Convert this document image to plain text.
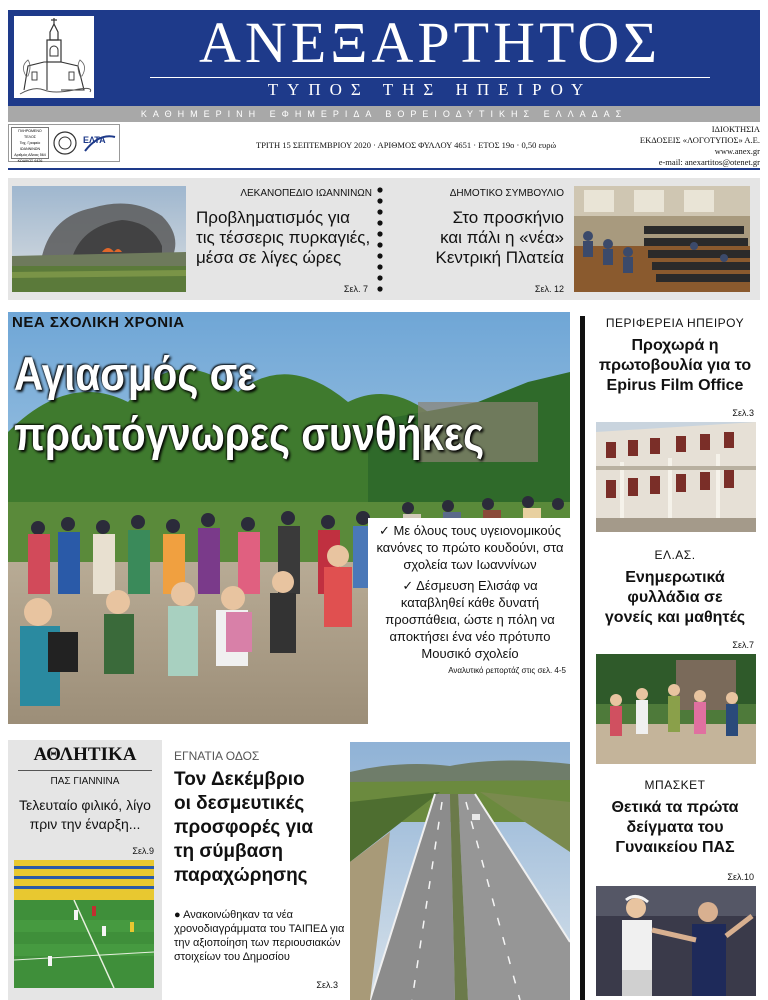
ΑΝΕΞΑΡΤΗΤΟΣ
ΤΥΠΟΣ ΤΗΣ ΗΠΕΙΡΟΥ
ΚΑΘΗΜΕΡΙΝΗ ΕΦΗΜΕΡΙΔΑ ΒΟΡΕΙΟΔΥΤΙΚΗΣ ΕΛΛΑΔΑΣ
ΠΛΗΡΩΜΕΝΟ ΤΕΛΟΣ
Ταχ. Γραφείο
ΙΩΑΝΝΙΝΩΝ
Αριθμός Αδειας 564
ΚΩΔΙΚΟΣ 6426
ΕΛΤΑ	ΤΡΙΤΗ 15 ΣΕΠΤΕΜΒΡΙΟΥ 2020 · ΑΡΙΘΜΟΣ ΦΥΛΛΟΥ 4651 · ΕΤΟΣ 19ο · 0,50 ευρώ
ΙΔΙΟΚΤΗΣΙΑ
ΕΚΔΟΣΕΙΣ «ΛΟΓΟΤΥΠΟΣ» Α.Ε.
www.anex.gr
e-mail: anexartitos@otenet.gr
ΛΕΚΑΝΟΠΕΔΙΟ ΙΩΑΝΝΙΝΩΝ
Προβληματισμός για
τις τέσσερις πυρκαγιές,
μέσα σε λίγες ώρες
Σελ. 7
ΔΗΜΟΤΙΚΟ ΣΥΜΒΟΥΛΙΟ
Στο προσκήνιο
και πάλι η «νέα»
Κεντρική Πλατεία
Σελ. 12
ΝΕΑ ΣΧΟΛΙΚΗ ΧΡΟΝΙΑ
Αγιασμός σε
πρωτόγνωρες συνθήκες
✓ Με όλους τους υγειονομικούς κανόνες το πρώτο κουδούνι, στα σχολεία των Ιωαννίνων
✓ Δέσμευση Ελισάφ να καταβληθεί κάθε δυνατή προσπάθεια, ώστε η πόλη να αποκτήσει ένα νέο πρότυπο Μουσικό σχολείο
Αναλυτικό ρεπορτάζ στις σελ. 4-5
ΠΕΡΙΦΕΡΕΙΑ ΗΠΕΙΡΟΥ
Προχωρά η
πρωτοβουλία για το
Epirus Film Office
Σελ.3
ΕΛ.ΑΣ.
Ενημερωτικά
φυλλάδια σε
γονείς και μαθητές
Σελ.7
ΜΠΑΣΚΕΤ
Θετικά τα πρώτα
δείγματα του
Γυναικείου ΠΑΣ
Σελ.10
ΑΘΛΗΤΙΚΑ
ΠΑΣ ΓΙΑΝΝΙΝΑ
Τελευταίο φιλικό, λίγο
πριν την έναρξη...
Σελ.9
ΕΓΝΑΤΙΑ ΟΔΟΣ
Τον Δεκέμβριο
οι δεσμευτικές
προσφορές για
τη σύμβαση
παραχώρησης
● Ανακοινώθηκαν τα νέα χρονοδιαγράμματα του ΤΑΙΠΕΔ για την αξιοποίηση των περιουσιακών στοιχείων του Δημοσίου
Σελ.3
